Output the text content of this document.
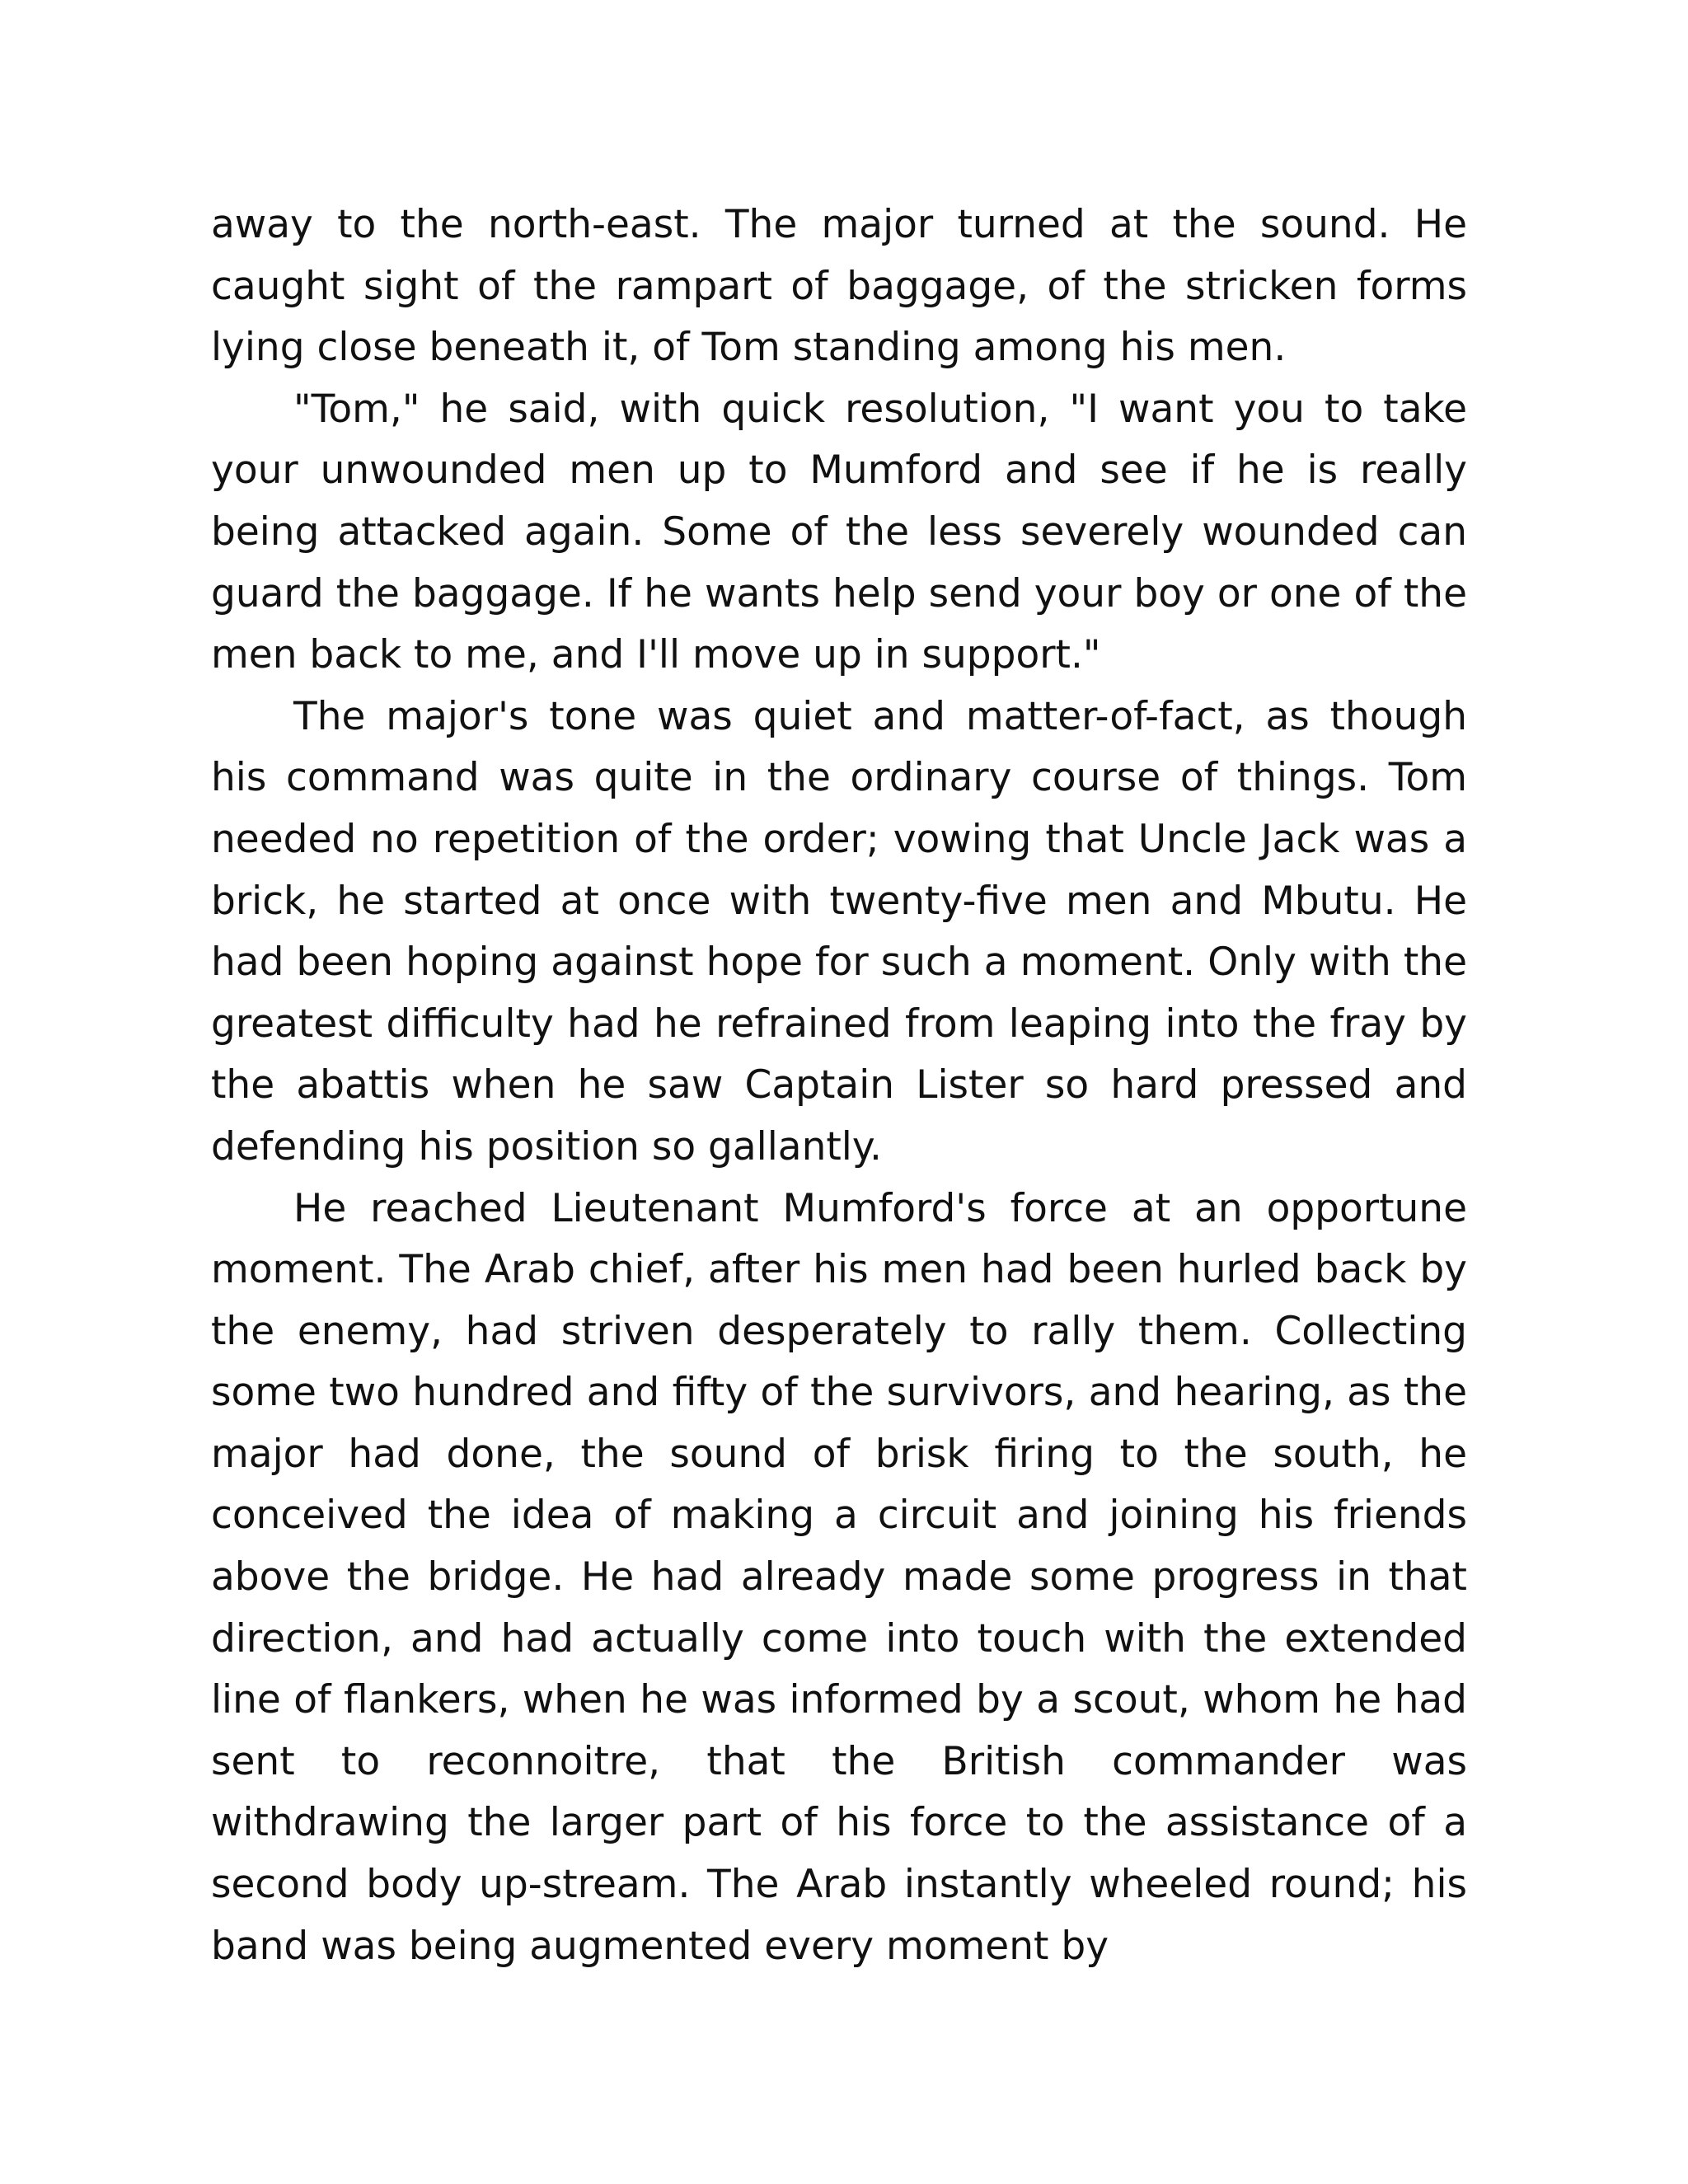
away to the north-east. The major turned at the sound. He caught sight of the rampart of baggage, of the stricken forms lying close beneath it, of Tom standing among his men.

"Tom," he said, with quick resolution, "I want you to take your unwounded men up to Mumford and see if he is really being attacked again. Some of the less severely wounded can guard the baggage. If he wants help send your boy or one of the men back to me, and I'll move up in support."

The major's tone was quiet and matter-of-fact, as though his command was quite in the ordinary course of things. Tom needed no repetition of the order; vowing that Uncle Jack was a brick, he started at once with twenty-five men and Mbutu. He had been hoping against hope for such a moment. Only with the greatest difficulty had he refrained from leaping into the fray by the abattis when he saw Captain Lister so hard pressed and defending his position so gallantly.

He reached Lieutenant Mumford's force at an opportune moment. The Arab chief, after his men had been hurled back by the enemy, had striven desperately to rally them. Collecting some two hundred and fifty of the survivors, and hearing, as the major had done, the sound of brisk firing to the south, he conceived the idea of making a circuit and joining his friends above the bridge. He had already made some progress in that direction, and had actually come into touch with the extended line of flankers, when he was informed by a scout, whom he had sent to reconnoitre, that the British commander was withdrawing the larger part of his force to the assistance of a second body up-stream. The Arab instantly wheeled round; his band was being augmented every moment by
